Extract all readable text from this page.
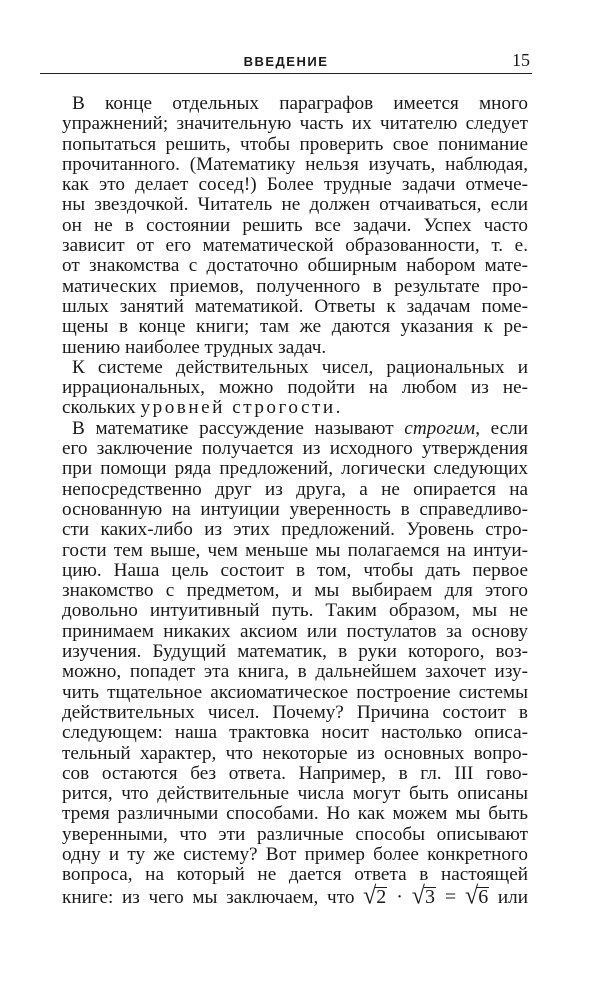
ВВЕДЕНИЕ	15
В конце отдельных параграфов имеется много
упражнений; значительную часть их читателю следует
попытаться решить, чтобы проверить свое понимание
прочитанного. (Математику нельзя изучать, наблюдая,
как это делает сосед!) Более трудные задачи отмече-
ны звездочкой. Читатель не должен отчаиваться, если
он не в состоянии решить все задачи. Успех часто
зависит от его математической образованности, т. е.
от знакомства с достаточно обширным набором мате-
матических приемов, полученного в результате про-
шлых занятий математикой. Ответы к задачам поме-
щены в конце книги; там же даются указания к ре-
шению наиболее трудных задач.
К системе действительных чисел, рациональных и
иррациональных, можно подойти на любом из не-
скольких уровней строгости.
В математике рассуждение называют строгим, если
его заключение получается из исходного утверждения
при помощи ряда предложений, логически следующих
непосредственно друг из друга, а не опирается на
основанную на интуиции уверенность в справедливо-
сти каких-либо из этих предложений. Уровень стро-
гости тем выше, чем меньше мы полагаемся на интуи-
цию. Наша цель состоит в том, чтобы дать первое
знакомство с предметом, и мы выбираем для этого
довольно интуитивный путь. Таким образом, мы не
принимаем никаких аксиом или постулатов за основу
изучения. Будущий математик, в руки которого, воз-
можно, попадет эта книга, в дальнейшем захочет изу-
чить тщательное аксиоматическое построение системы
действительных чисел. Почему? Причина состоит в
следующем: наша трактовка носит настолько описа-
тельный характер, что некоторые из основных вопро-
сов остаются без ответа. Например, в гл. III гово-
рится, что действительные числа могут быть описаны
тремя различными способами. Но как можем мы быть
уверенными, что эти различные способы описывают
одну и ту же систему? Вот пример более конкретного
вопроса, на который не дается ответа в настоящей
книге: из чего мы заключаем, что √2 · √3 = √6 или
